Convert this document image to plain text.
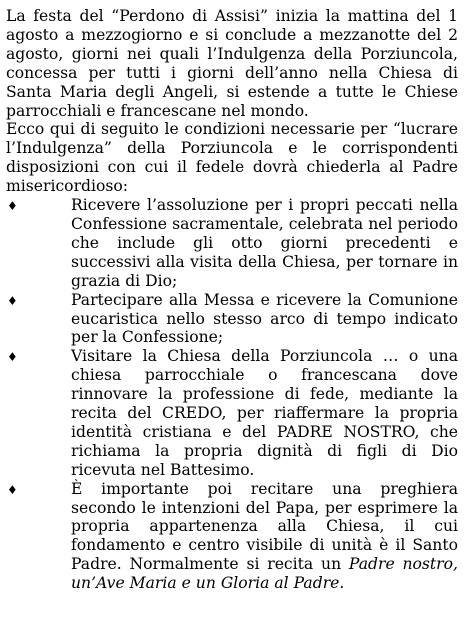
La festa del “Perdono di Assisi” inizia la mattina del 1 agosto a mezzogiorno e si conclude a mezzanotte del 2 agosto, giorni nei quali l’Indulgenza della Porziuncola, concessa per tutti i giorni dell’anno nella Chiesa di Santa Maria degli Angeli, si estende a tutte le Chiese parrocchiali e francescane nel mondo.

Ecco qui di seguito le condizioni necessarie per “lucrare l’Indulgenza” della Porziuncola e le corrispondenti disposizioni con cui il fedele dovrà chiederla al Padre misericordioso:

♦	Ricevere l’assoluzione per i propri peccati nella Confessione sacramentale, celebrata nel periodo che include gli otto giorni precedenti e successivi alla visita della Chiesa, per tornare in grazia di Dio;
♦	Partecipare alla Messa e ricevere la Comunione eucaristica nello stesso arco di tempo indicato per la Confessione;
♦	Visitare la Chiesa della Porziuncola … o una chiesa parrocchiale o francescana dove rinnovare la professione di fede, mediante la recita del CREDO, per riaffermare la propria identità cristiana e del PADRE NOSTRO, che richiama la propria dignità di figli di Dio ricevuta nel Battesimo.
♦	È importante poi recitare una preghiera secondo le intenzioni del Papa, per esprimere la propria appartenenza alla Chiesa, il cui fondamento e centro visibile di unità è il Santo Padre. Normalmente si recita un Padre nostro, un’Ave Maria e un Gloria al Padre.
